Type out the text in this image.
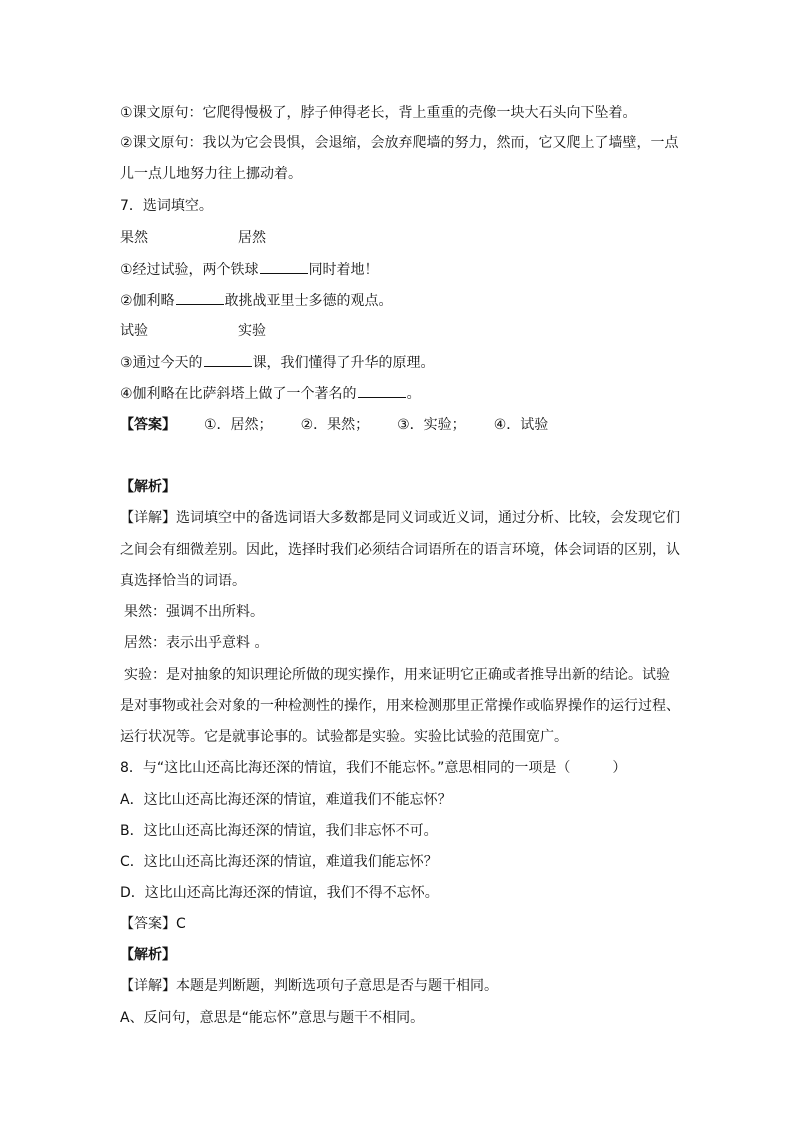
①课文原句：它爬得慢极了，脖子伸得老长，背上重重的壳像一块大石头向下坠着。
②课文原句：我以为它会畏惧，会退缩，会放弃爬墙的努力，然而，它又爬上了墙壁，一点
儿一点儿地努力往上挪动着。
7．选词填空。
果然	居然
①经过试验，两个铁球	同时着地！
②伽利略	敢挑战亚里士多德的观点。
试验	实验
③通过今天的	课，我们懂得了升华的原理。
④伽利略在比萨斜塔上做了一个著名的	。
【答案】 ①．居然； ②．果然； ③．实验； ④．试验
【解析】
【详解】选词填空中的备选词语大多数都是同义词或近义词，通过分析、比较，会发现它们
之间会有细微差别。因此，选择时我们必须结合词语所在的语言环境，体会词语的区别，认
真选择恰当的词语。
果然：强调不出所料。
居然：表示出乎意料 。
实验：是对抽象的知识理论所做的现实操作，用来证明它正确或者推导出新的结论。试验
是对事物或社会对象的一种检测性的操作，用来检测那里正常操作或临界操作的运行过程、
运行状况等。它是就事论事的。试验都是实验。实验比试验的范围宽广。
8．与“这比山还高比海还深的情谊，我们不能忘怀。”意思相同的一项是（　　　）
A．这比山还高比海还深的情谊，难道我们不能忘怀？
B．这比山还高比海还深的情谊，我们非忘怀不可。
C．这比山还高比海还深的情谊，难道我们能忘怀？
D．这比山还高比海还深的情谊，我们不得不忘怀。
【答案】C
【解析】
【详解】本题是判断题，判断选项句子意思是否与题干相同。
A、反问句，意思是“能忘怀”意思与题干不相同。
